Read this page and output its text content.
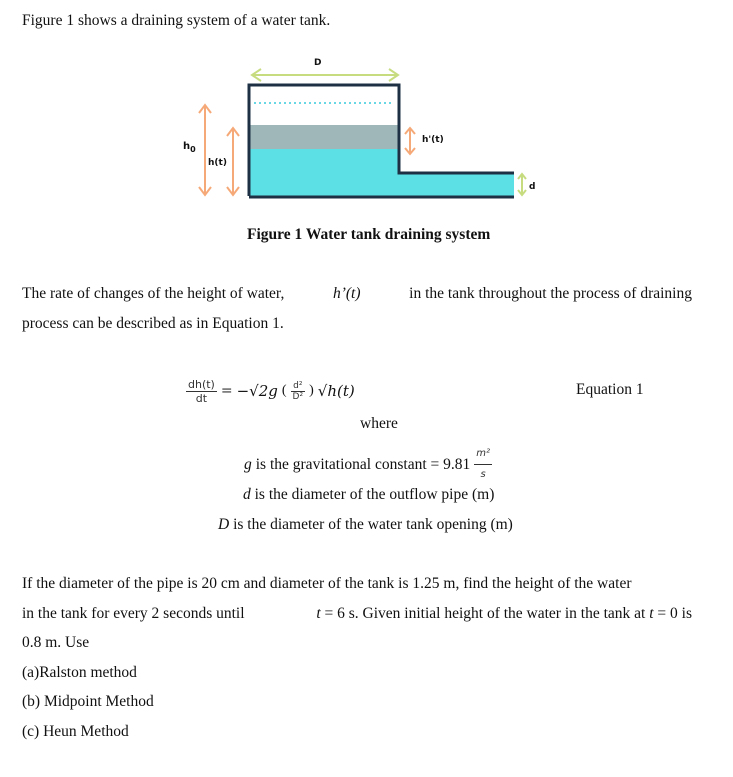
Figure 1 shows a draining system of a water tank.
D
$h_0$
h(t)
h'(t)
d
Figure 1 Water tank draining system
The rate of changes of the height of water,	h’(t)	in the tank throughout the process of draining
process can be described as in Equation 1.
$\frac{dh(t)}{dt} = -√2g$ ( $\frac{\text{d²}}{\text{D²}}$ ) √h(t)	Equation 1
where
g is the gravitational constant = $9.81 \frac{\text{m²}}{s}$
d is the diameter of the outflow pipe (m)
D is the diameter of the water tank opening (m)
If the diameter of the pipe is 20 cm and diameter of the tank is 1.25 m, find the height of the water
in the tank for every 2 seconds until	t = 6 s. Given initial height of the water in the tank at t = 0 is
0.8 m. Use
(a)Ralston method
(b) Midpoint Method
(c) Heun Method
